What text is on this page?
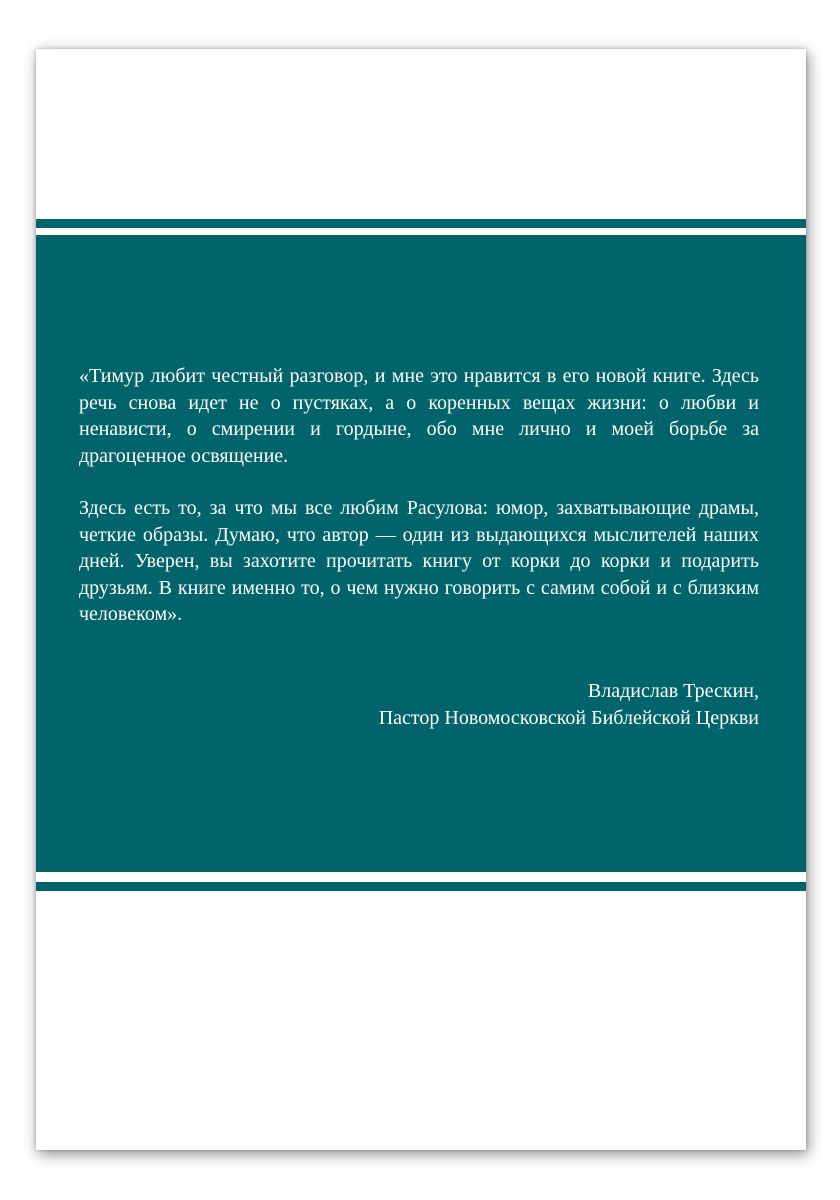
«Тимур любит честный разговор, и мне это нравится в его новой книге. Здесь речь снова идет не о пустяках, а о коренных вещах жизни: о любви и ненависти, о смирении и гордыне, обо мне лично и моей борьбе за драгоценное освящение.

Здесь есть то, за что мы все любим Расулова: юмор, захватывающие драмы, четкие образы. Думаю, что автор — один из выдающихся мыслителей наших дней. Уверен, вы захотите прочитать книгу от корки до корки и подарить друзьям. В книге именно то, о чем нужно говорить с самим собой и с близким человеком».

Владислав Трескин,
Пастор Новомосковской Библейской Церкви
